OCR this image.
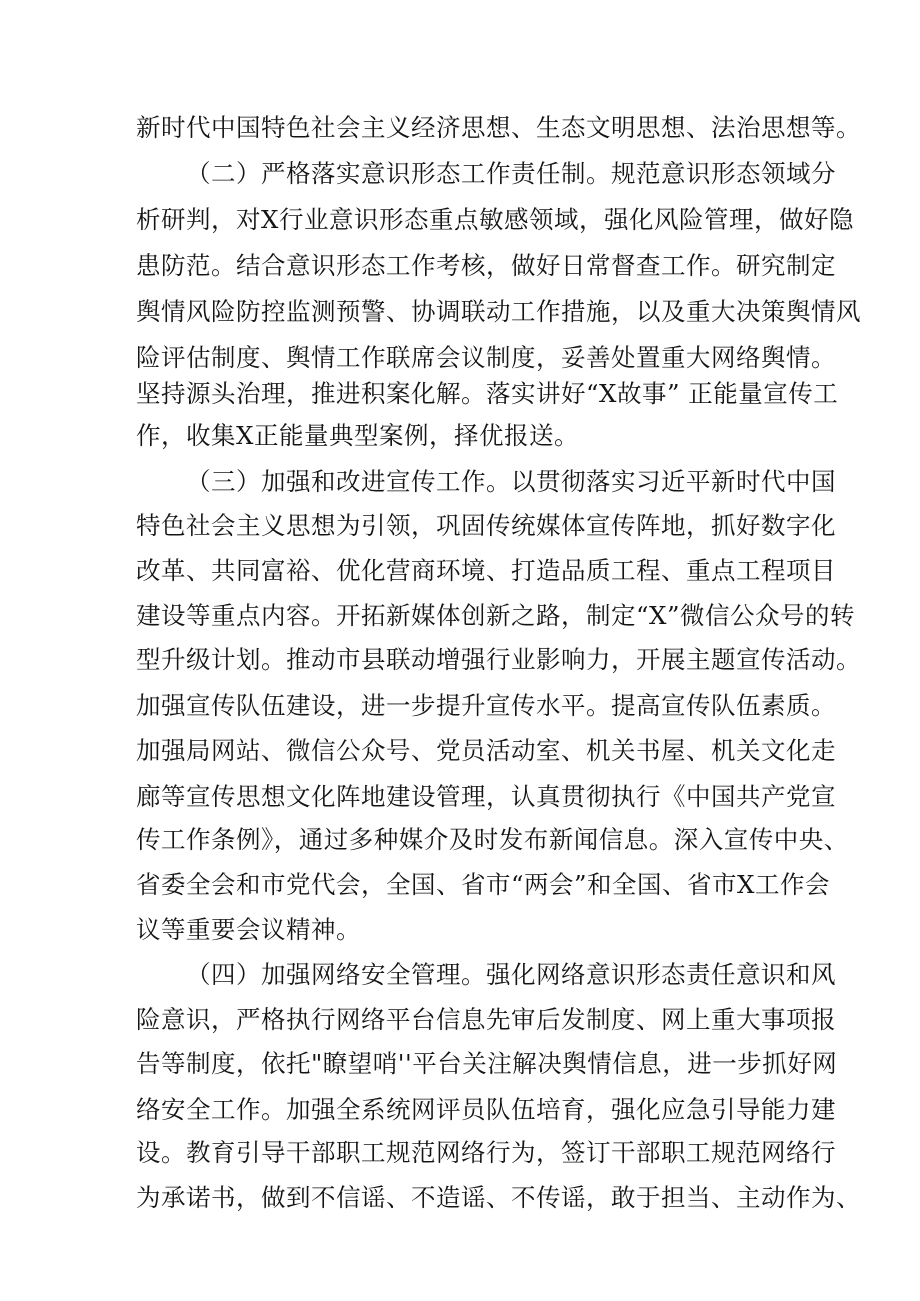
新时代中国特色社会主义经济思想、生态文明思想、法治思想等。
（二）严格落实意识形态工作责任制。规范意识形态领域分
析研判，对X行业意识形态重点敏感领域，强化风险管理，做好隐
患防范。结合意识形态工作考核，做好日常督查工作。研究制定
舆情风险防控监测预警、协调联动工作措施，以及重大决策舆情风
险评估制度、舆情工作联席会议制度，妥善处置重大网络舆情。
坚持源头治理，推进积案化解。落实讲好“X故事” 正能量宣传工
作，收集X正能量典型案例，择优报送。
（三）加强和改进宣传工作。以贯彻落实习近平新时代中国
特色社会主义思想为引领，巩固传统媒体宣传阵地，抓好数字化
改革、共同富裕、优化营商环境、打造品质工程、重点工程项目
建设等重点内容。开拓新媒体创新之路，制定“X”微信公众号的转
型升级计划。推动市县联动增强行业影响力，开展主题宣传活动。
加强宣传队伍建设，进一步提升宣传水平。提高宣传队伍素质。
加强局网站、微信公众号、党员活动室、机关书屋、机关文化走
廊等宣传思想文化阵地建设管理，认真贯彻执行《中国共产党宣
传工作条例》，通过多种媒介及时发布新闻信息。深入宣传中央、
省委全会和市党代会，全国、省市“两会”和全国、省市X工作会
议等重要会议精神。
（四）加强网络安全管理。强化网络意识形态责任意识和风
险意识，严格执行网络平台信息先审后发制度、网上重大事项报
告等制度，依托"瞭望哨''平台关注解决舆情信息，进一步抓好网
络安全工作。加强全系统网评员队伍培育，强化应急引导能力建
设。教育引导干部职工规范网络行为，签订干部职工规范网络行
为承诺书，做到不信谣、不造谣、不传谣，敢于担当、主动作为、
